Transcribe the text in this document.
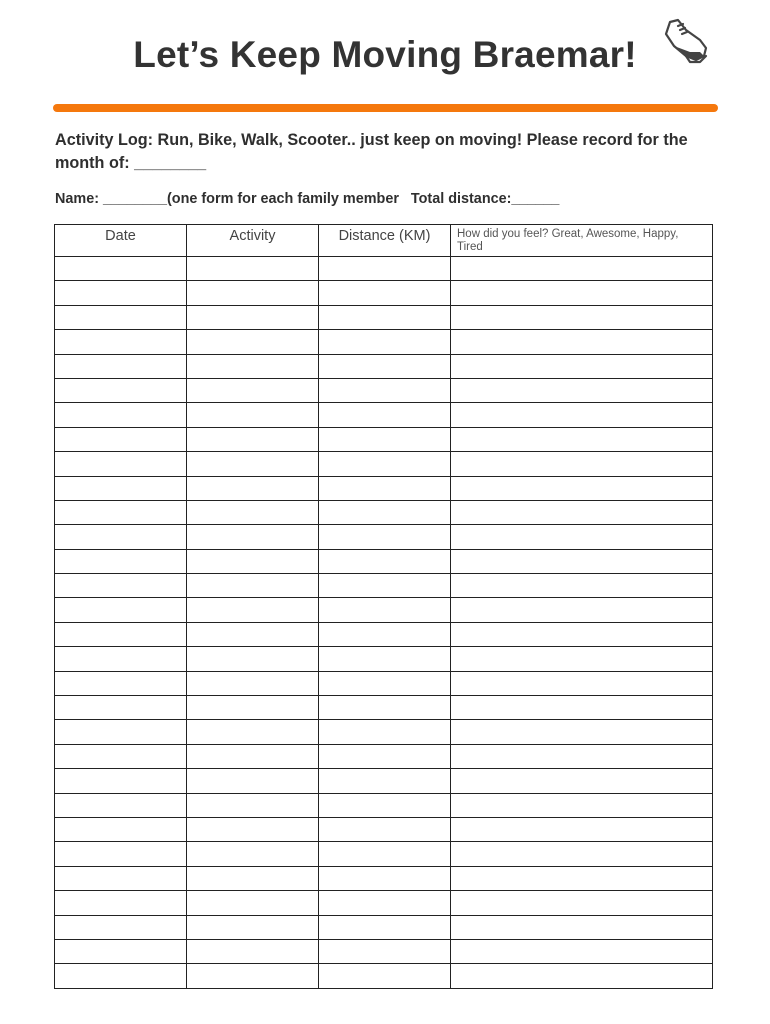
Let’s Keep Moving Braemar!
Activity Log: Run, Bike, Walk, Scooter.. just keep on moving! Please record for the month of: ________
Name: ________(one form for each family member Total distance:______
Date	Activity	Distance (KM)	How did you feel? Great, Awesome, Happy, Tired
